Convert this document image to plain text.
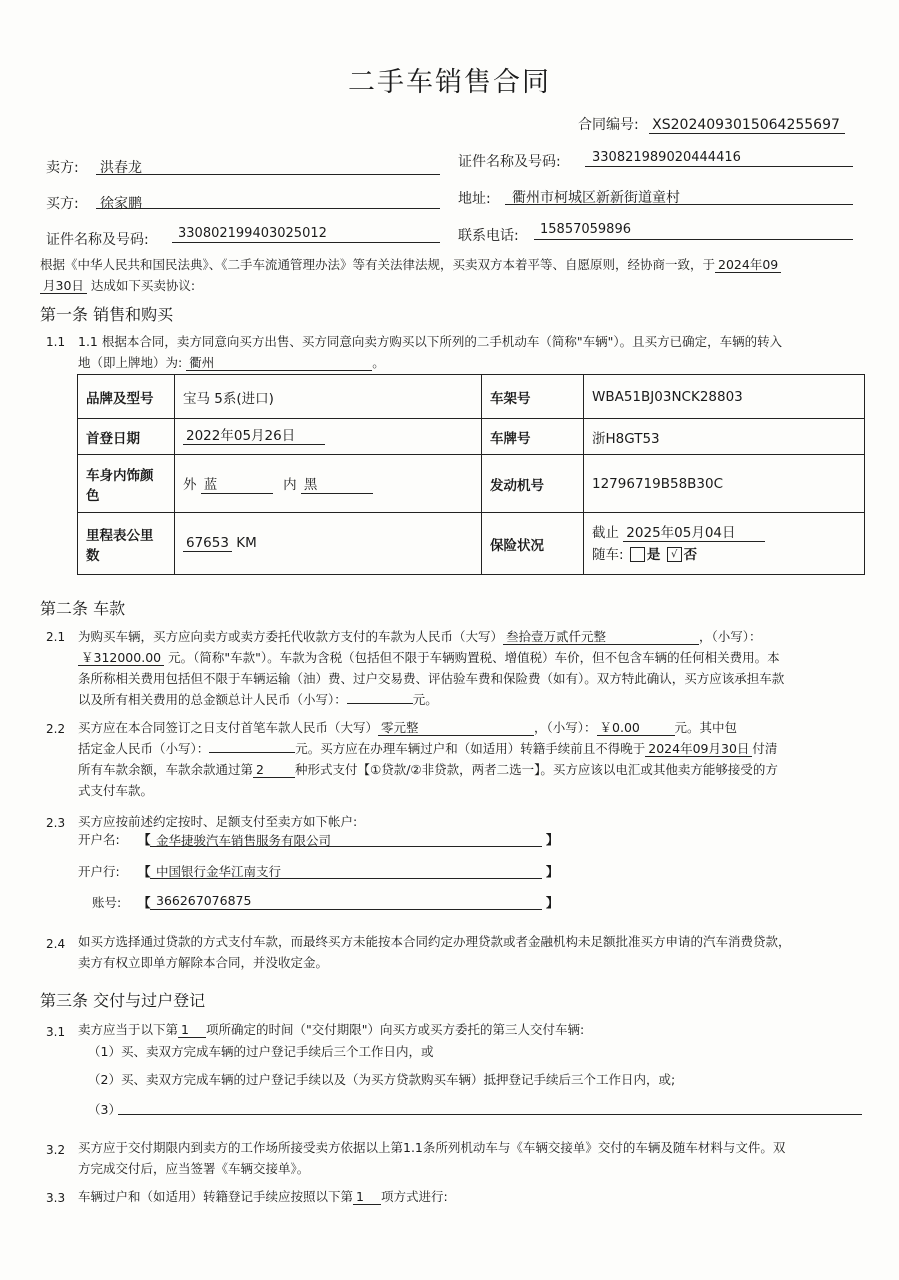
二手车销售合同
合同编号: XS2024093015064255697
卖方: 洪春龙	证件名称及号码: 330821989020444416
买方: 徐家鹏	地址: 衢州市柯城区新新街道童村
证件名称及号码: 330802199403025012	联系电话: 15857059896
根据《中华人民共和国民法典》、《二手车流通管理办法》等有关法律法规，买卖双方本着平等、自愿原则，经协商一致，于 2024年09
月30日 达成如下买卖协议:
第一条 销售和购买
1.1 1.1 根据本合同，卖方同意向买方出售、买方同意向卖方购买以下所列的二手机动车（简称"车辆"）。且买方已确定，车辆的转入
地（即上牌地）为: 衢州	。
品牌及型号	宝马 5系(进口)	车架号	WBA51BJ03NCK28803
首登日期	2022年05月26日	车牌号	浙H8GT53
车身内饰颜色	外 蓝 内 黑	发动机号	12796719B58B30C
里程表公里数	67653 KM	保险状况	截止 2025年05月04日
随车: 是 √ 否
第二条 车款
2.1 为购买车辆，买方应向卖方或卖方委托代收款方支付的车款为人民币（大写） 叁拾壹万贰仟元整	，（小写）：
￥312000.00 元。（简称"车款"）。车款为含税（包括但不限于车辆购置税、增值税）车价，但不包含车辆的任何相关费用。本
条所称相关费用包括但不限于车辆运输（油）费、过户交易费、评估验车费和保险费（如有）。双方特此确认，买方应该承担车款
以及所有相关费用的总金额总计人民币（小写）：	元。
2.2 买方应在本合同签订之日支付首笔车款人民币（大写） 零元整	，（小写）： ￥0.00	元。其中包
括定金人民币（小写）：	元。买方应在办理车辆过户和（如适用）转籍手续前且不得晚于 2024年09月30日 付清
所有车款余额，车款余款通过第 2 种形式支付【①贷款/②非贷款，两者二选一】。买方应该以电汇或其他卖方能够接受的方
式支付车款。
2.3 买方应按前述约定按时、足额支付至卖方如下帐户:
开户名: 【 金华捷骏汽车销售服务有限公司	】
开户行: 【 中国银行金华江南支行	】
账号: 【 366267076875	】
2.4 如买方选择通过贷款的方式支付车款，而最终买方未能按本合同约定办理贷款或者金融机构未足额批准买方申请的汽车消费贷款，
卖方有权立即单方解除本合同，并没收定金。
第三条 交付与过户登记
3.1 卖方应当于以下第 1 项所确定的时间（"交付期限"）向买方或买方委托的第三人交付车辆:
（1）买、卖双方完成车辆的过户登记手续后三个工作日内，或
（2）买、卖双方完成车辆的过户登记手续以及（为买方贷款购买车辆）抵押登记手续后三个工作日内，或;
（3）
3.2 买方应于交付期限内到卖方的工作场所接受卖方依据以上第1.1条所列机动车与《车辆交接单》交付的车辆及随车材料与文件。双
方完成交付后，应当签署《车辆交接单》。
3.3 车辆过户和（如适用）转籍登记手续应按照以下第 1 项方式进行:
